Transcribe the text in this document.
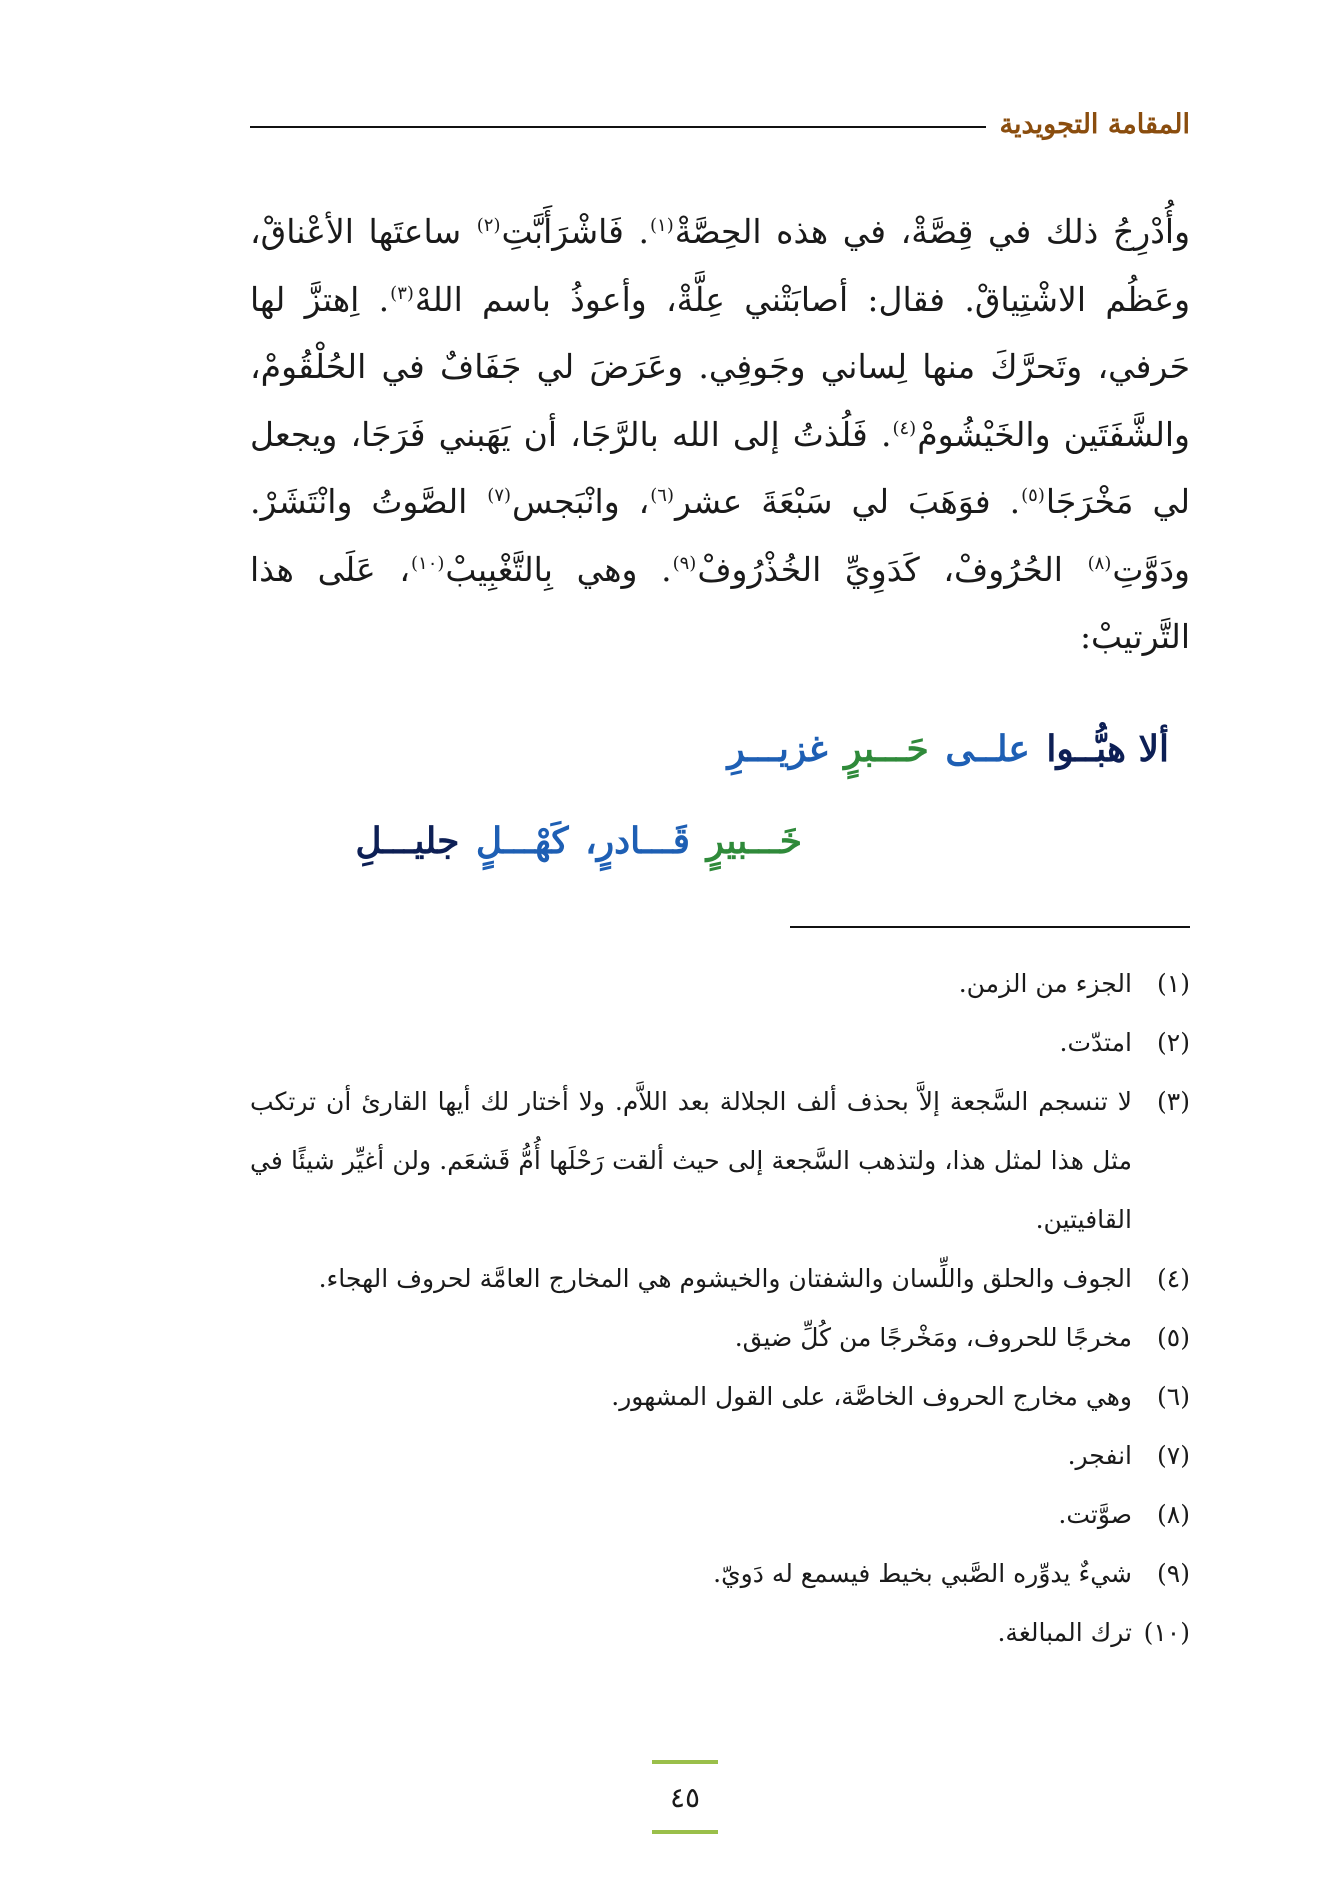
المقامة التجويدية
وأُدْرِجُ ذلك في قِصَّةْ، في هذه الحِصَّةْ$^{(١)}$. فَاشْرَأَبَّتِ$^{(٢)}$ ساعتَها الأعْناقْ، وعَظُم الاشْتِياقْ. فقال: أصابَتْني عِلَّةْ، وأعوذُ باسم اللهْ$^{(٣)}$. اِهتزَّ لها حَرفي، وتَحرَّكَ منها لِساني وجَوفِي. وعَرَضَ لي جَفَافٌ في الحُلْقُومْ، والشَّفَتَين والخَيْشُومْ$^{(٤)}$. فَلُذتُ إلى الله بالرَّجَا، أن يَهَبني فَرَجَا، ويجعل لي مَخْرَجَا$^{(٥)}$. فوَهَبَ لي سَبْعَةَ عشر$^{(٦)}$، وانْبَجس$^{(٧)}$ الصَّوتُ وانْتَشَرْ. ودَوَّتِ$^{(٨)}$ الحُرُوفْ، كَدَوِيِّ الخُذْرُوفْ$^{(٩)}$. وهي بِالتَّغْبِيبْ$^{(١٠)}$، عَلَى هذا التَّرتيبْ:
ألا هبُّــوا علــى حَـــبرٍ غزيـــرِ
خَـــبيرٍ قَـــادرٍ، كَهْـــلٍ جليـــلِ
(١)
الجزء من الزمن.
(٢)
امتدّت.
(٣)
لا تنسجم السَّجعة إلاَّ بحذف ألف الجلالة بعد اللاَّم. ولا أختار لك أيها القارئ أن ترتكب مثل هذا لمثل هذا، ولتذهب السَّجعة إلى حيث ألقت رَحْلَها أُمُّ قَشعَم. ولن أغيِّر شيئًا في القافيتين.
(٤)
الجوف والحلق واللِّسان والشفتان والخيشوم هي المخارج العامَّة لحروف الهجاء.
(٥)
مخرجًا للحروف، ومَخْرجًا من كُلِّ ضيق.
(٦)
وهي مخارج الحروف الخاصَّة، على القول المشهور.
(٧)
انفجر.
(٨)
صوَّتت.
(٩)
شيءٌ يدوِّره الصَّبي بخيط فيسمع له دَويّ.
(١٠)
ترك المبالغة.
٤٥
